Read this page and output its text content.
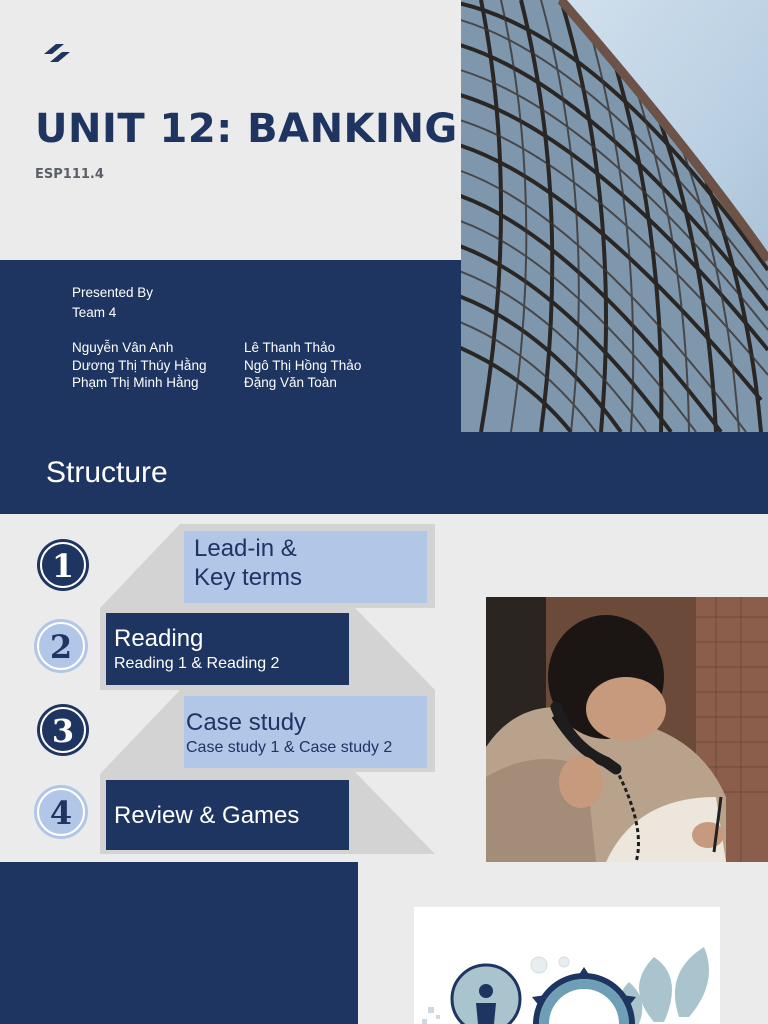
UNIT 12: BANKING
ESP111.4
Presented By
Team 4
Nguyễn Vân Anh
Dương Thị Thúy Hằng
Phạm Thị Minh Hằng
Lê Thanh Thảo
Ngô Thị Hồng Thảo
Đặng Văn Toàn
Structure
1
2
3
4
Lead-in &
Key terms
Reading
Reading 1 & Reading 2
Case study
Case study 1 & Case study 2
Review & Games
